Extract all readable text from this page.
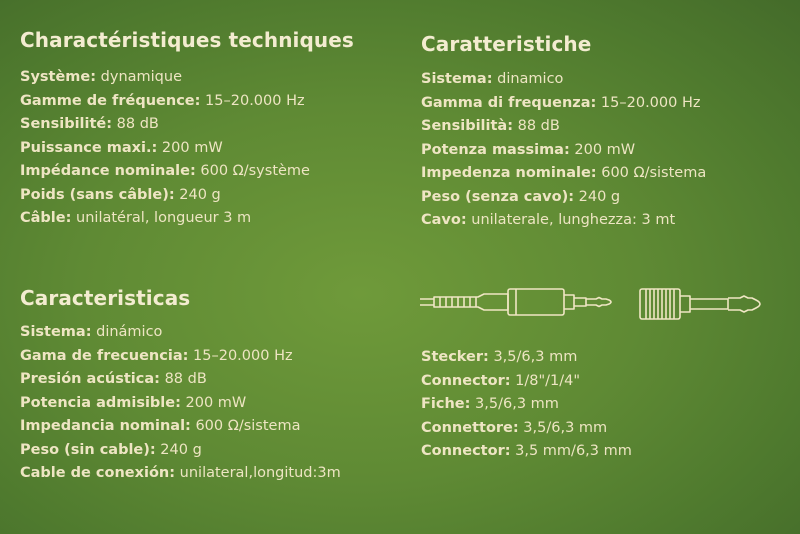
Charactéristiques techniques
Système: dynamique
Gamme de fréquence: 15–20.000 Hz
Sensibilité: 88 dB
Puissance maxi.: 200 mW
Impédance nominale: 600 Ω/système
Poids (sans câble): 240 g
Câble: unilatéral, longueur 3 m
Caratteristiche
Sistema: dinamico
Gamma di frequenza: 15–20.000 Hz
Sensibilità: 88 dB
Potenza massima: 200 mW
Impedenza nominale: 600 Ω/sistema
Peso (senza cavo): 240 g
Cavo: unilaterale, lunghezza: 3 mt
Caracteristicas
Sistema: dinámico
Gama de frecuencia: 15–20.000 Hz
Presión acústica: 88 dB
Potencia admisible: 200 mW
Impedancia nominal: 600 Ω/sistema
Peso (sin cable): 240 g
Cable de conexión: unilateral,longitud:3m
Stecker: 3,5/6,3 mm
Connector: 1/8"/1/4"
Fiche: 3,5/6,3 mm
Connettore: 3,5/6,3 mm
Connector: 3,5 mm/6,3 mm
